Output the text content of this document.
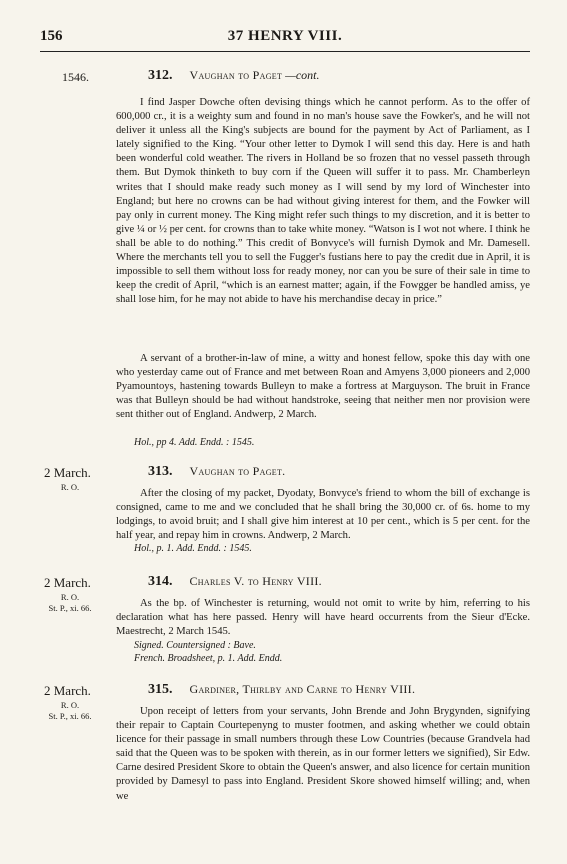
156	37 HENRY VIII.
1546.	312. Vaughan to Paget —cont.

I find Jasper Dowche often devising things which he cannot perform. As to the offer of 600,000 cr., it is a weighty sum and found in no man's house save the Fowker's, and he will not deliver it unless all the King's subjects are bound for the payment by Act of Parliament, as I lately signified to the King. “Your other letter to Dymok I will send this day. Here is and hath been wonderful cold weather. The rivers in Holland be so frozen that no vessel passeth through them. But Dymok thinketh to buy corn if the Queen will suffer it to pass. Mr. Chamberleyn writes that I should make ready such money as I will send by my lord of Winchester into England; but here no crowns can be had without giving interest for them, and the Fowker will pay only in current money. The King might refer such things to my discretion, and it is better to give ¼ or ½ per cent. for crowns than to take white money. “Watson is I wot not where. I think he shall be able to do nothing.” This credit of Bonvyce's will furnish Dymok and Mr. Damesell. Where the merchants tell you to sell the Fugger's fustians here to pay the credit due in April, it is impossible to sell them without loss for ready money, nor can you be sure of their sale in time to keep the credit of April, “which is an earnest matter; again, if the Fowgger be handled amiss, ye shall lose him, for he may not abide to have his merchandise decay in price.”

A servant of a brother-in-law of mine, a witty and honest fellow, spoke this day with one who yesterday came out of France and met between Roan and Amyens 3,000 pioneers and 2,000 Pyamountoys, hastening towards Bulleyn to make a fortress at Marguyson. The bruit in France was that Bulleyn should be had without handstroke, seeing that neither men nor provision were sent thither out of England. Andwerp, 2 March.

Hol., pp 4. Add. Endd. : 1545.
2 March.
R. O.
313. Vaughan to Paget.

After the closing of my packet, Dyodaty, Bonvyce's friend to whom the bill of exchange is consigned, came to me and we concluded that he shall bring the 30,000 cr. of 6s. home to my lodgings, to avoid bruit; and I shall give him interest at 10 per cent., which is 5 per cent. for the half year, and repay him in crowns. Andwerp, 2 March.

Hol., p. 1. Add. Endd. : 1545.
2 March.
R. O.
St. P., xi. 66.
314. Charles V. to Henry VIII.

As the bp. of Winchester is returning, would not omit to write by him, referring to his declaration what has here passed. Henry will have heard occurrents from the Sieur d'Ecke. Maestrecht, 2 March 1545.

Signed. Countersigned : Bave.
French. Broadsheet, p. 1. Add. Endd.
2 March.
R. O.
St. P., xi. 66.
315. Gardiner, Thirlby and Carne to Henry VIII.

Upon receipt of letters from your servants, John Brende and John Brygynden, signifying their repair to Captain Courtepenyng to muster footmen, and asking whether we could obtain licence for their passage in small numbers through these Low Countries (because Grandvela had said that the Queen was to be spoken with therein, as in our former letters we signified), Sir Edw. Carne desired President Skore to obtain the Queen's answer, and also licence for certain munition provided by Damesyl to pass into England. President Skore showed himself willing; and, when we
